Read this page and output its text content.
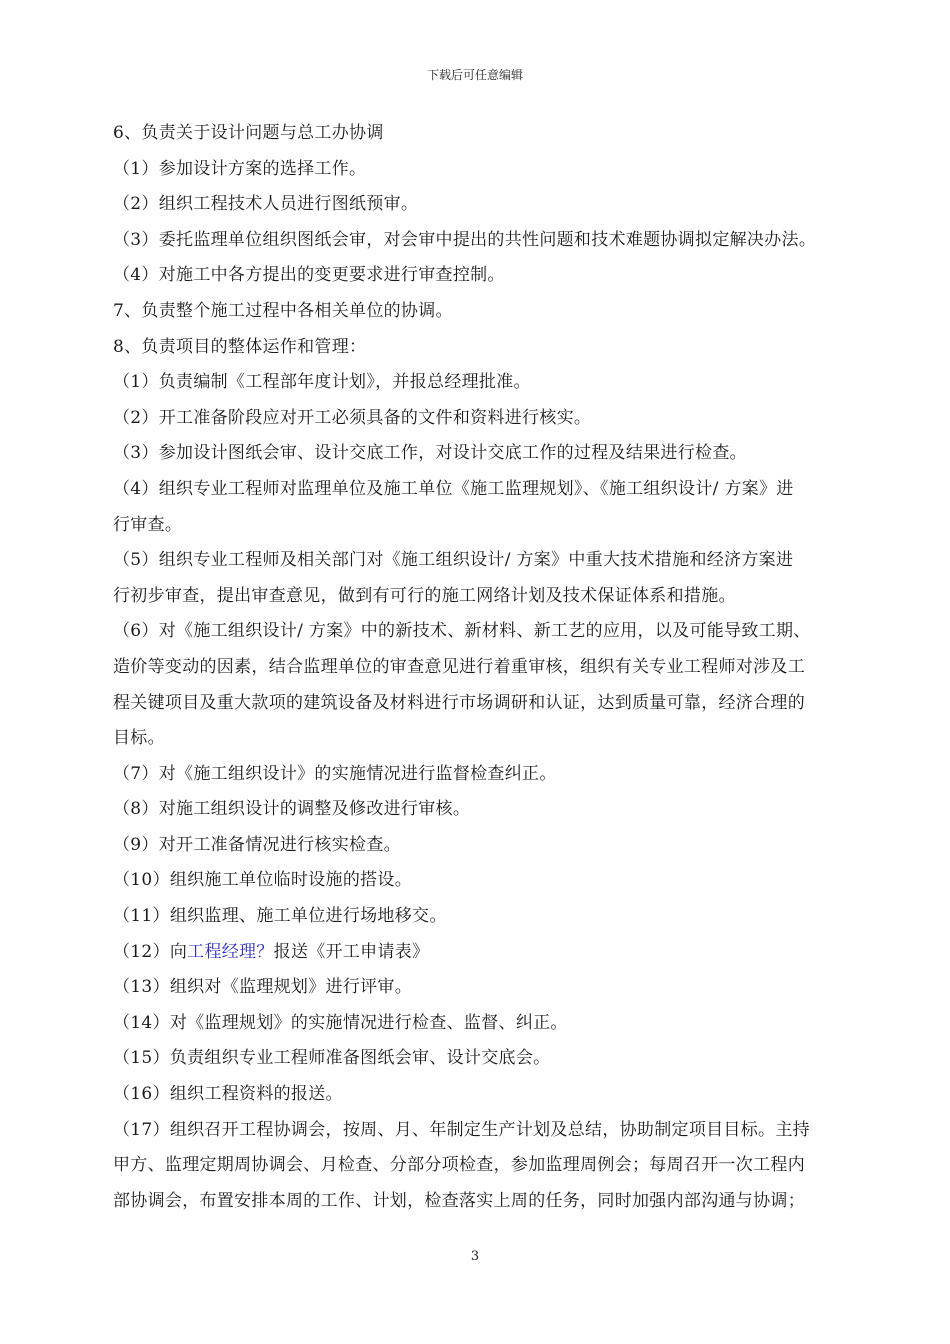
下载后可任意编辑
6、负责关于设计问题与总工办协调
（1）参加设计方案的选择工作。
（2）组织工程技术人员进行图纸预审。
（3）委托监理单位组织图纸会审，对会审中提出的共性问题和技术难题协调拟定解决办法。
（4）对施工中各方提出的变更要求进行审查控制。
7、负责整个施工过程中各相关单位的协调。
8、负责项目的整体运作和管理：
（1）负责编制《工程部年度计划》，并报总经理批准。
（2）开工准备阶段应对开工必须具备的文件和资料进行核实。
（3）参加设计图纸会审、设计交底工作，对设计交底工作的过程及结果进行检查。
（4）组织专业工程师对监理单位及施工单位《施工监理规划》、《施工组织设计/ 方案》进
行审查。
（5）组织专业工程师及相关部门对《施工组织设计/ 方案》中重大技术措施和经济方案进
行初步审查，提出审查意见，做到有可行的施工网络计划及技术保证体系和措施。
（6）对《施工组织设计/ 方案》中的新技术、新材料、新工艺的应用，以及可能导致工期、
造价等变动的因素，结合监理单位的审查意见进行着重审核，组织有关专业工程师对涉及工
程关键项目及重大款项的建筑设备及材料进行市场调研和认证，达到质量可靠，经济合理的
目标。
（7）对《施工组织设计》的实施情况进行监督检查纠正。
（8）对施工组织设计的调整及修改进行审核。
（9）对开工准备情况进行核实检查。
（10）组织施工单位临时设施的搭设。
（11）组织监理、施工单位进行场地移交。
（12）向工程经理？报送《开工申请表》
（13）组织对《监理规划》进行评审。
（14）对《监理规划》的实施情况进行检查、监督、纠正。
（15）负责组织专业工程师准备图纸会审、设计交底会。
（16）组织工程资料的报送。
（17）组织召开工程协调会，按周、月、年制定生产计划及总结，协助制定项目目标。主持
甲方、监理定期周协调会、月检查、分部分项检查，参加监理周例会；每周召开一次工程内
部协调会，布置安排本周的工作、计划，检查落实上周的任务，同时加强内部沟通与协调；
3
